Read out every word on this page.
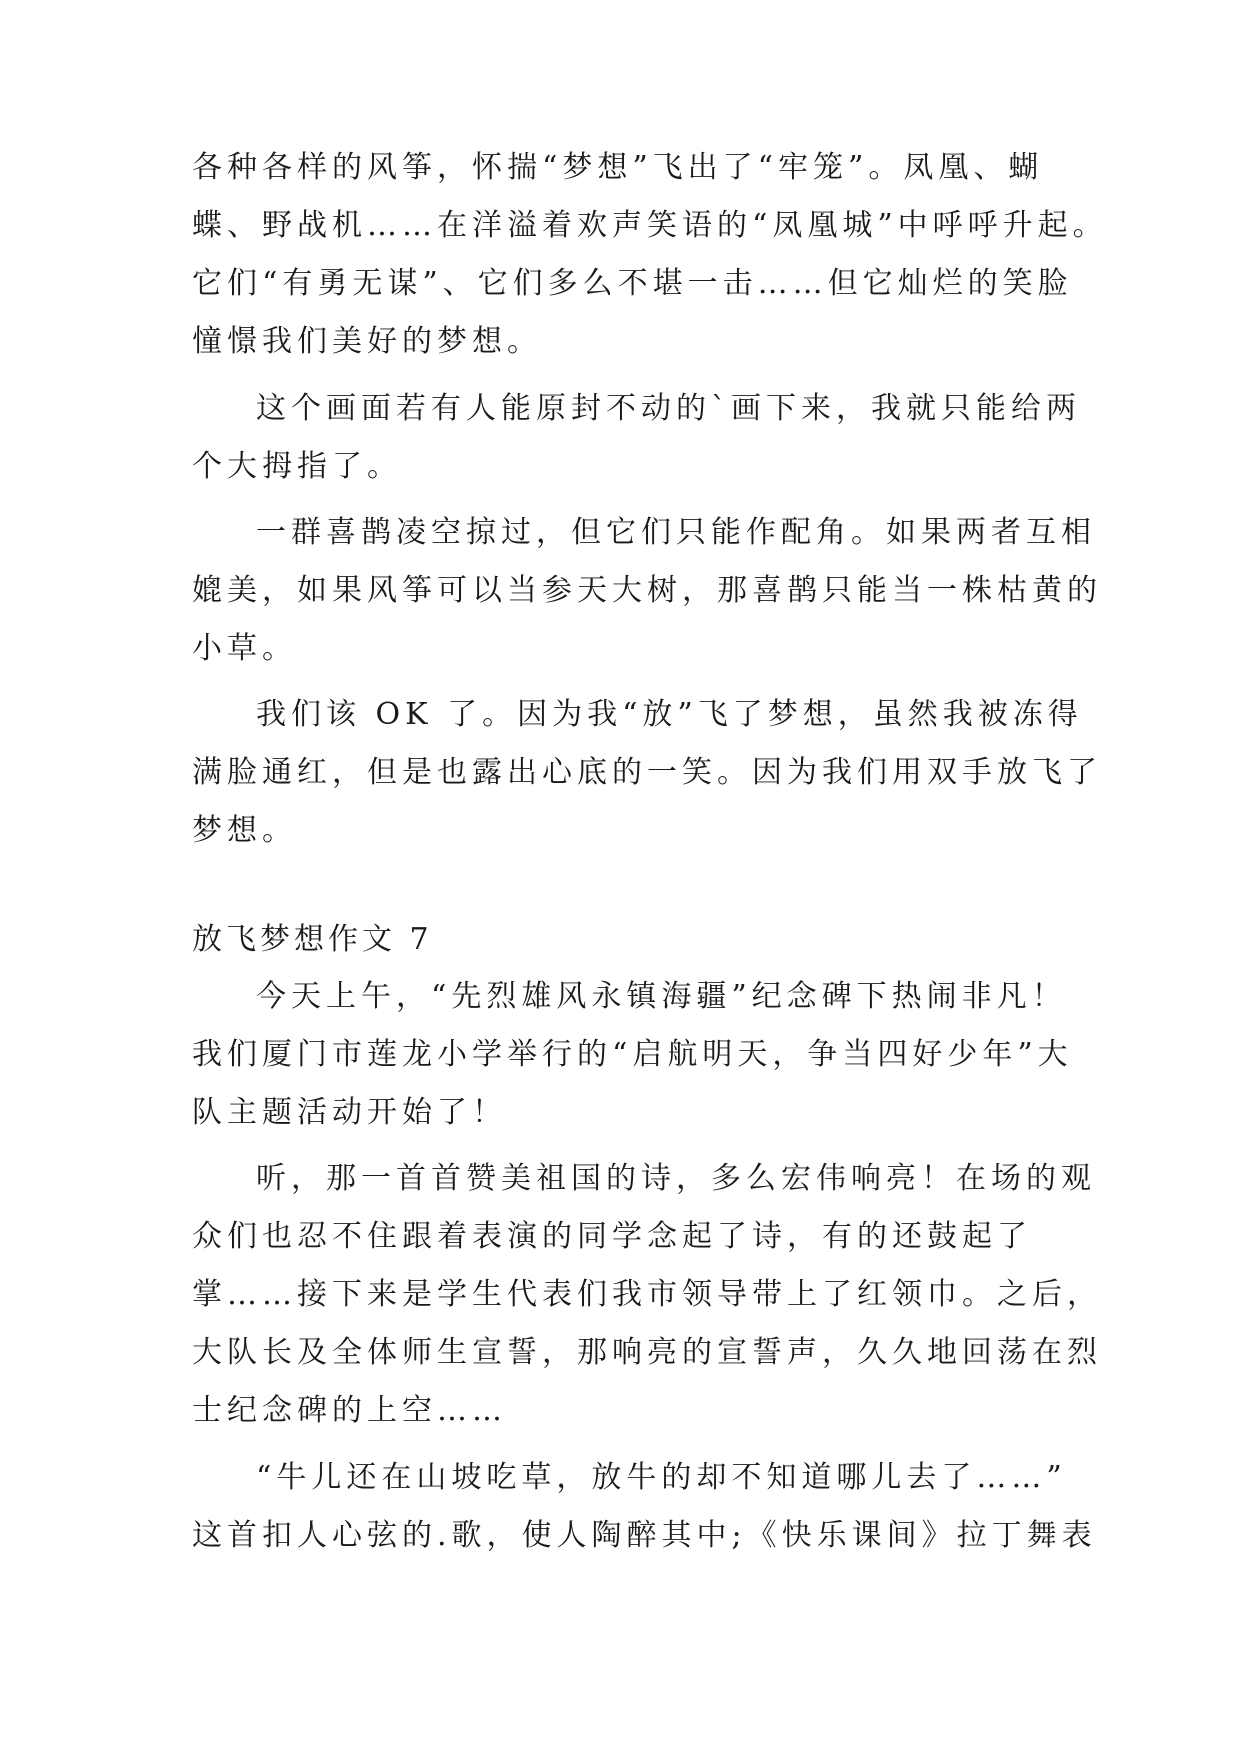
各种各样的风筝，怀揣“梦想”飞出了“牢笼”。凤凰、蝴
蝶、野战机……在洋溢着欢声笑语的“凤凰城”中呼呼升起。
它们“有勇无谋”、它们多么不堪一击……但它灿烂的笑脸
憧憬我们美好的梦想。
这个画面若有人能原封不动的`画下来，我就只能给两
个大拇指了。
一群喜鹊凌空掠过，但它们只能作配角。如果两者互相
媲美，如果风筝可以当参天大树，那喜鹊只能当一株枯黄的
小草。
我们该 OK 了。因为我“放”飞了梦想，虽然我被冻得
满脸通红，但是也露出心底的一笑。因为我们用双手放飞了
梦想。
放飞梦想作文 7
今天上午，“先烈雄风永镇海疆”纪念碑下热闹非凡！
我们厦门市莲龙小学举行的“启航明天，争当四好少年”大
队主题活动开始了！
听，那一首首赞美祖国的诗，多么宏伟响亮！在场的观
众们也忍不住跟着表演的同学念起了诗，有的还鼓起了
掌……接下来是学生代表们我市领导带上了红领巾。之后，
大队长及全体师生宣誓，那响亮的宣誓声，久久地回荡在烈
士纪念碑的上空……
“牛儿还在山坡吃草，放牛的却不知道哪儿去了……”
这首扣人心弦的.歌，使人陶醉其中;《快乐课间》拉丁舞表
